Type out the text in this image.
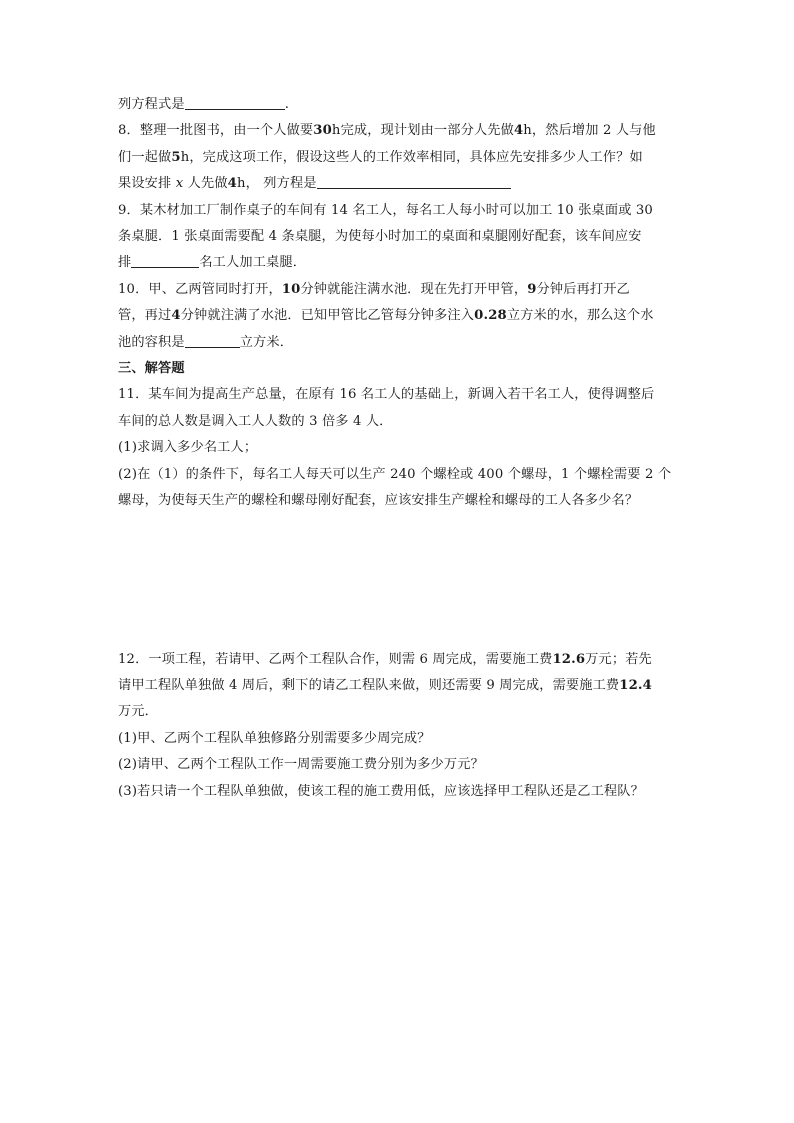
列方程式是	.
8．整理一批图书，由一个人做要30h完成，现计划由一部分人先做4h，然后增加 2 人与他
们一起做5h，完成这项工作，假设这些人的工作效率相同，具体应先安排多少人工作？如
果设安排 x 人先做4h， 列方程是
9．某木材加工厂制作桌子的车间有 14 名工人，每名工人每小时可以加工 10 张桌面或 30
条桌腿．1 张桌面需要配 4 条桌腿，为使每小时加工的桌面和桌腿刚好配套，该车间应安
排	名工人加工桌腿．
10．甲、乙两管同时打开，10分钟就能注满水池．现在先打开甲管，9分钟后再打开乙
管，再过4分钟就注满了水池．已知甲管比乙管每分钟多注入0.28立方米的水，那么这个水
池的容积是	立方米．
三、解答题
11．某车间为提高生产总量，在原有 16 名工人的基础上，新调入若干名工人，使得调整后
车间的总人数是调入工人人数的 3 倍多 4 人．
(1)求调入多少名工人；
(2)在（1）的条件下，每名工人每天可以生产 240 个螺栓或 400 个螺母，1 个螺栓需要 2 个
螺母，为使每天生产的螺栓和螺母刚好配套，应该安排生产螺栓和螺母的工人各多少名？
12．一项工程，若请甲、乙两个工程队合作，则需 6 周完成，需要施工费12.6万元；若先
请甲工程队单独做 4 周后，剩下的请乙工程队来做，则还需要 9 周完成，需要施工费12.4
万元．
(1)甲、乙两个工程队单独修路分别需要多少周完成？
(2)请甲、乙两个工程队工作一周需要施工费分别为多少万元？
(3)若只请一个工程队单独做，使该工程的施工费用低，应该选择甲工程队还是乙工程队？
